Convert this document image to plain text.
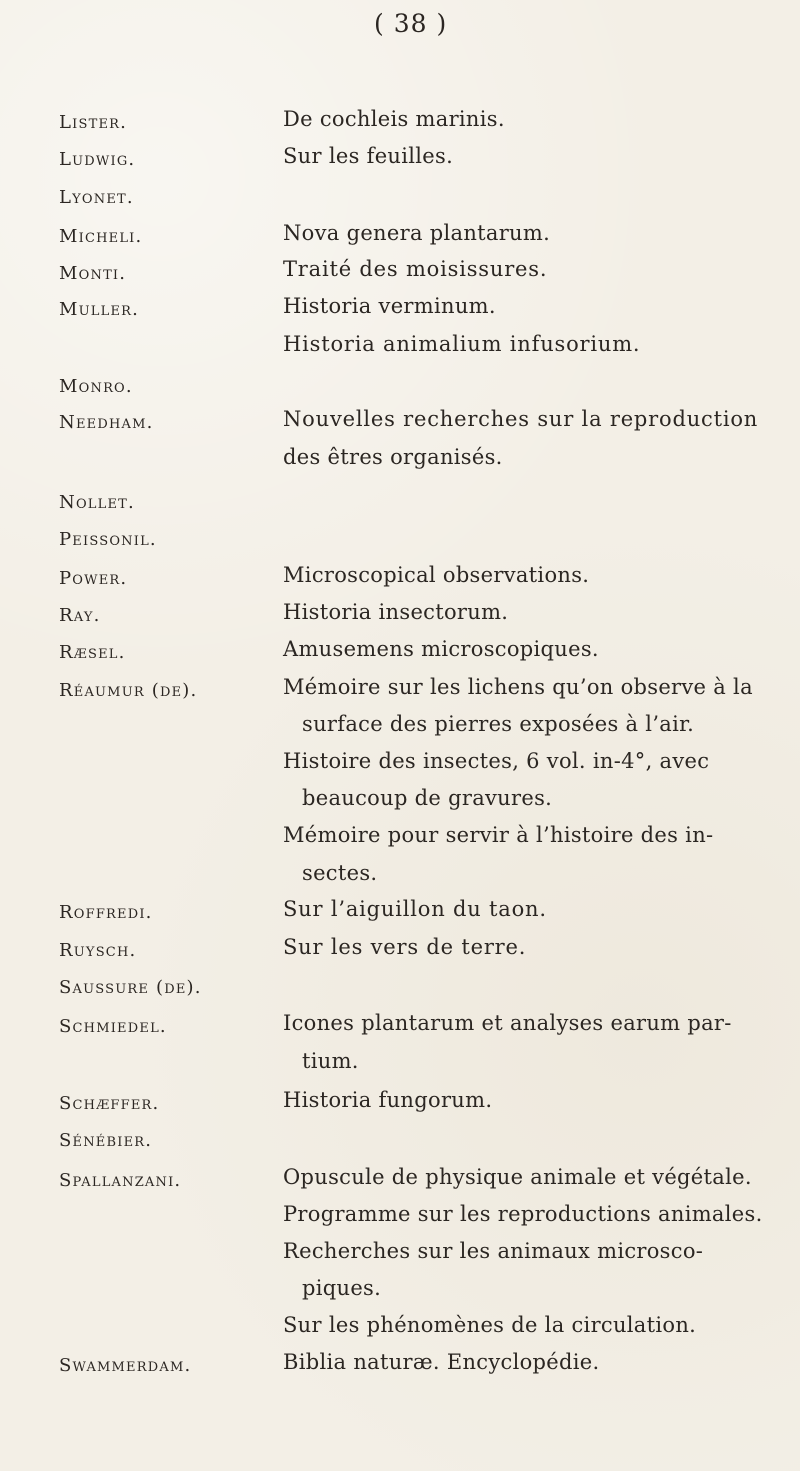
( 38 )
Lister.	De cochleis marinis.
Ludwig.	Sur les feuilles.
Lyonet.
Micheli.	Nova genera plantarum.
Monti.	Traité des moisissures.
Muller.	Historia verminum.
Historia animalium infusorium.
Monro.
Needham.	Nouvelles recherches sur la reproduction
des êtres organisés.
Nollet.
Peissonil.
Power.	Microscopical observations.
Ray.	Historia insectorum.
Ræsel.	Amusemens microscopiques.
Réaumur (de).	Mémoire sur les lichens qu’on observe à la
surface des pierres exposées à l’air.
Histoire des insectes, 6 vol. in-4°, avec
beaucoup de gravures.
Mémoire pour servir à l’histoire des in-
sectes.
Roffredi.	Sur l’aiguillon du taon.
Ruysch.	Sur les vers de terre.
Saussure (de).
Schmiedel.	Icones plantarum et analyses earum par-
tium.
Schæffer.	Historia fungorum.
Sénébier.
Spallanzani.	Opuscule de physique animale et végétale.
Programme sur les reproductions animales.
Recherches sur les animaux microsco-
piques.
Sur les phénomènes de la circulation.
Swammerdam.	Biblia naturæ. Encyclopédie.
